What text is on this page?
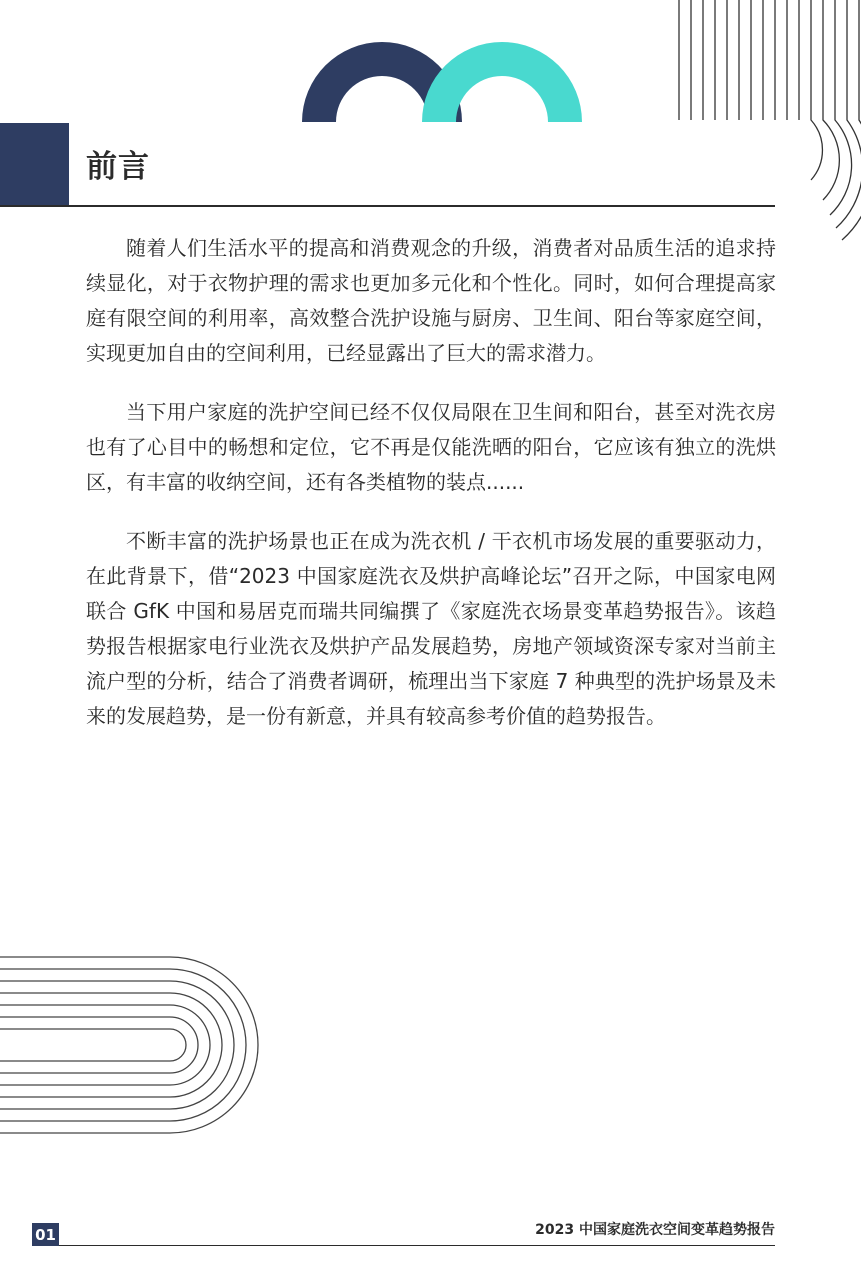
前言

随着人们生活水平的提高和消费观念的升级，消费者对品质生活的追求持续显化，对于衣物护理的需求也更加多元化和个性化。同时，如何合理提高家庭有限空间的利用率，高效整合洗护设施与厨房、卫生间、阳台等家庭空间，实现更加自由的空间利用，已经显露出了巨大的需求潜力。

当下用户家庭的洗护空间已经不仅仅局限在卫生间和阳台，甚至对洗衣房也有了心目中的畅想和定位，它不再是仅能洗晒的阳台，它应该有独立的洗烘区，有丰富的收纳空间，还有各类植物的装点......

不断丰富的洗护场景也正在成为洗衣机 / 干衣机市场发展的重要驱动力，在此背景下，借“2023 中国家庭洗衣及烘护高峰论坛”召开之际，中国家电网联合 GfK 中国和易居克而瑞共同编撰了《家庭洗衣场景变革趋势报告》。该趋势报告根据家电行业洗衣及烘护产品发展趋势，房地产领域资深专家对当前主流户型的分析，结合了消费者调研，梳理出当下家庭 7 种典型的洗护场景及未来的发展趋势，是一份有新意，并具有较高参考价值的趋势报告。

01	2023 中国家庭洗衣空间变革趋势报告
